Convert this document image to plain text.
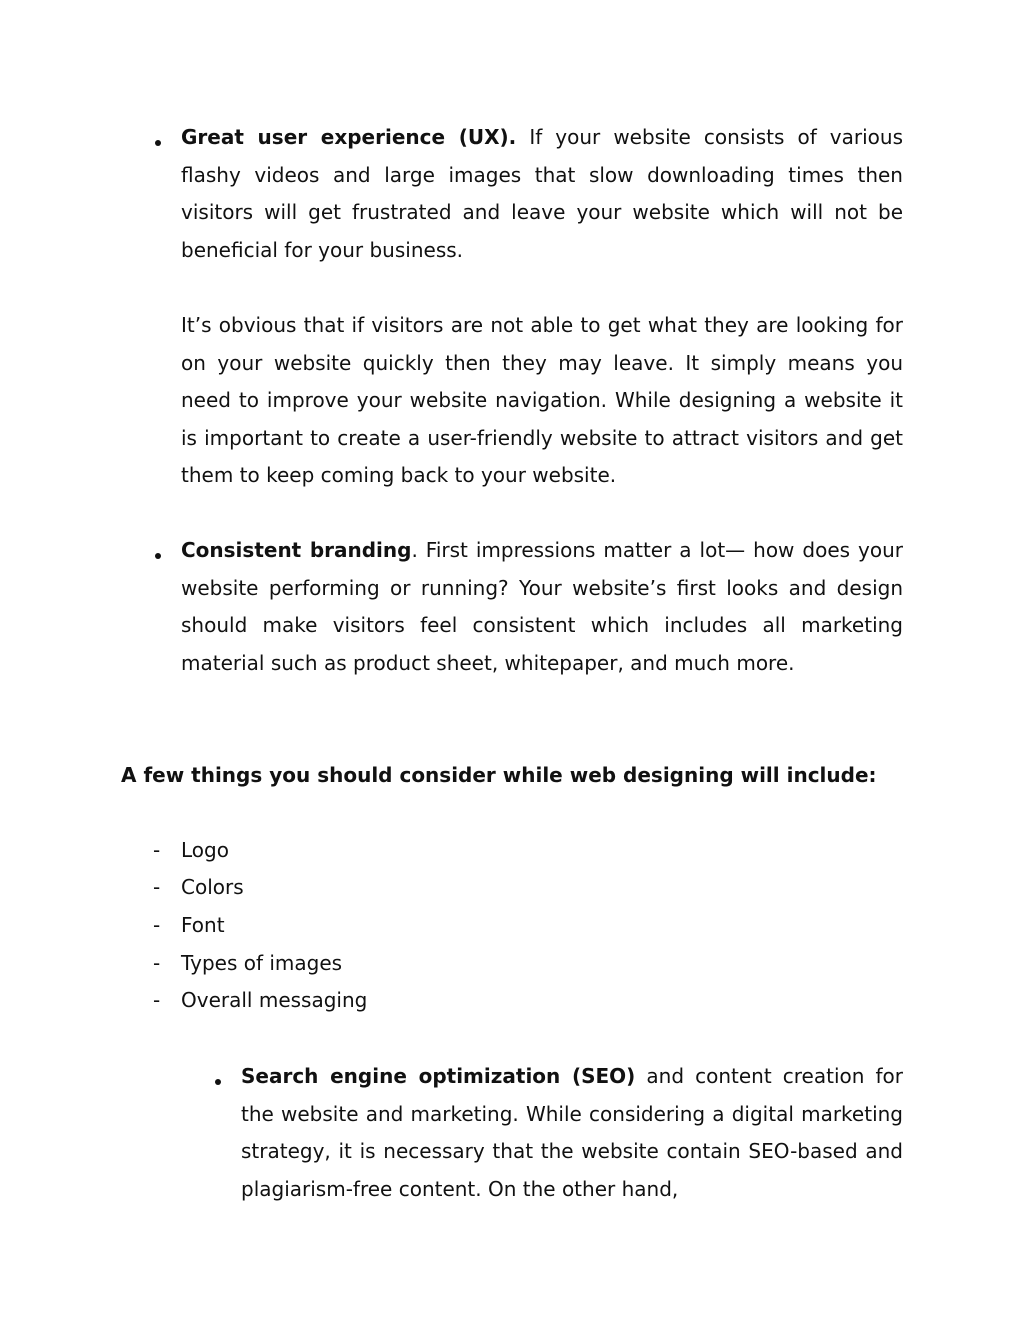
Great user experience (UX). If your website consists of various flashy videos and large images that slow downloading times then visitors will get frustrated and leave your website which will not be beneficial for your business.

It’s obvious that if visitors are not able to get what they are looking for on your website quickly then they may leave. It simply means you need to improve your website navigation. While designing a website it is important to create a user-friendly website to attract visitors and get them to keep coming back to your website.

Consistent branding. First impressions matter a lot— how does your website performing or running? Your website’s first looks and design should make visitors feel consistent which includes all marketing material such as product sheet, whitepaper, and much more.

A few things you should consider while web designing will include:

- Logo
- Colors
- Font
- Types of images
- Overall messaging

Search engine optimization (SEO) and content creation for the website and marketing. While considering a digital marketing strategy, it is necessary that the website contain SEO-based and plagiarism-free content. On the other hand,
